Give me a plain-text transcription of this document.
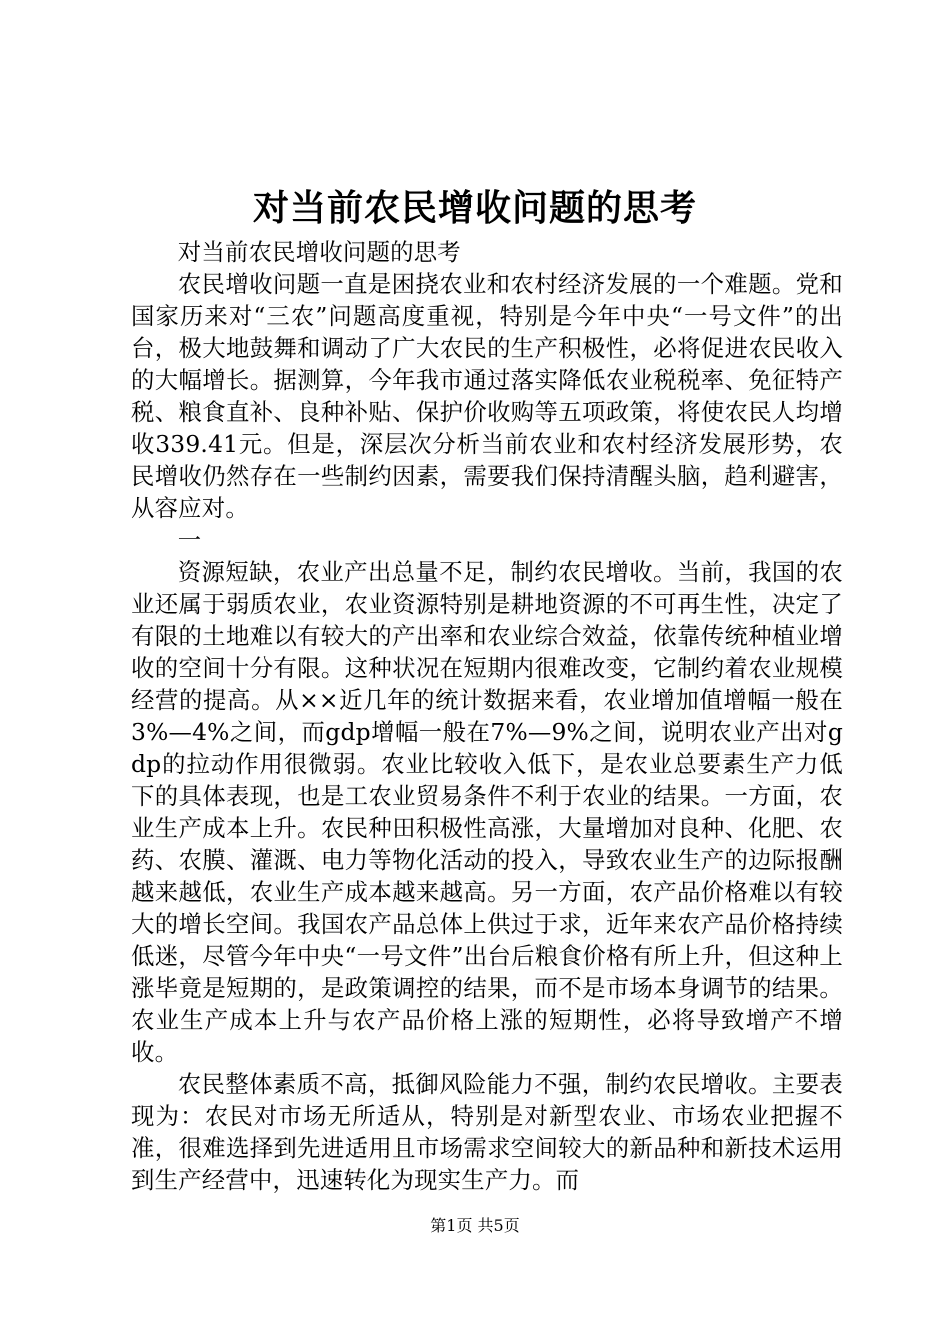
对当前农民增收问题的思考

对当前农民增收问题的思考

农民增收问题一直是困挠农业和农村经济发展的一个难题。党和国家历来对“三农”问题高度重视，特别是今年中央“一号文件”的出台，极大地鼓舞和调动了广大农民的生产积极性，必将促进农民收入的大幅增长。据测算，今年我市通过落实降低农业税税率、免征特产税、粮食直补、良种补贴、保护价收购等五项政策，将使农民人均增收339.41元。但是，深层次分析当前农业和农村经济发展形势，农民增收仍然存在一些制约因素，需要我们保持清醒头脑，趋利避害，从容应对。

一

资源短缺，农业产出总量不足，制约农民增收。当前，我国的农业还属于弱质农业，农业资源特别是耕地资源的不可再生性，决定了有限的土地难以有较大的产出率和农业综合效益，依靠传统种植业增收的空间十分有限。这种状况在短期内很难改变，它制约着农业规模经营的提高。从××近几年的统计数据来看，农业增加值增幅一般在3%—4%之间，而gdp增幅一般在7%—9%之间，说明农业产出对gdp的拉动作用很微弱。农业比较收入低下，是农业总要素生产力低下的具体表现，也是工农业贸易条件不利于农业的结果。一方面，农业生产成本上升。农民种田积极性高涨，大量增加对良种、化肥、农药、农膜、灌溉、电力等物化活动的投入，导致农业生产的边际报酬越来越低，农业生产成本越来越高。另一方面，农产品价格难以有较大的增长空间。我国农产品总体上供过于求，近年来农产品价格持续低迷，尽管今年中央“一号文件”出台后粮食价格有所上升，但这种上涨毕竟是短期的，是政策调控的结果，而不是市场本身调节的结果。农业生产成本上升与农产品价格上涨的短期性，必将导致增产不增收。

农民整体素质不高，抵御风险能力不强，制约农民增收。主要表现为：农民对市场无所适从，特别是对新型农业、市场农业把握不准，很难选择到先进适用且市场需求空间较大的新品种和新技术运用到生产经营中，迅速转化为现实生产力。而

第1页 共5页
